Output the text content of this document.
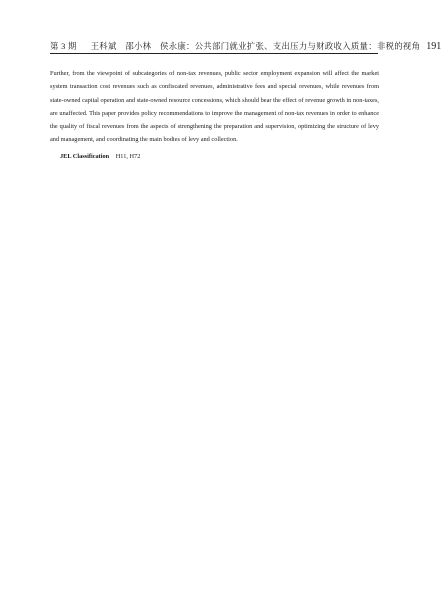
第 3 期 王科斌　邵小林　侯永康：公共部门就业扩张、支出压力与财政收入质量：非税的视角 191

Further, from the viewpoint of subcategories of non-tax revenues, public sector employment expansion will affect the market system transaction cost revenues such as confiscated revenues, administrative fees and special revenues, while revenues from state-owned capital operation and state-owned resource concessions, which should bear the effect of revenue growth in non-taxes, are unaffected. This paper provides policy recommendations to improve the management of non-tax revenues in order to enhance the quality of fiscal revenues from the aspects of strengthening the preparation and supervision, optimizing the structure of levy and management, and coordinating the main bodies of levy and collection.

JEL Classification H11, H72
